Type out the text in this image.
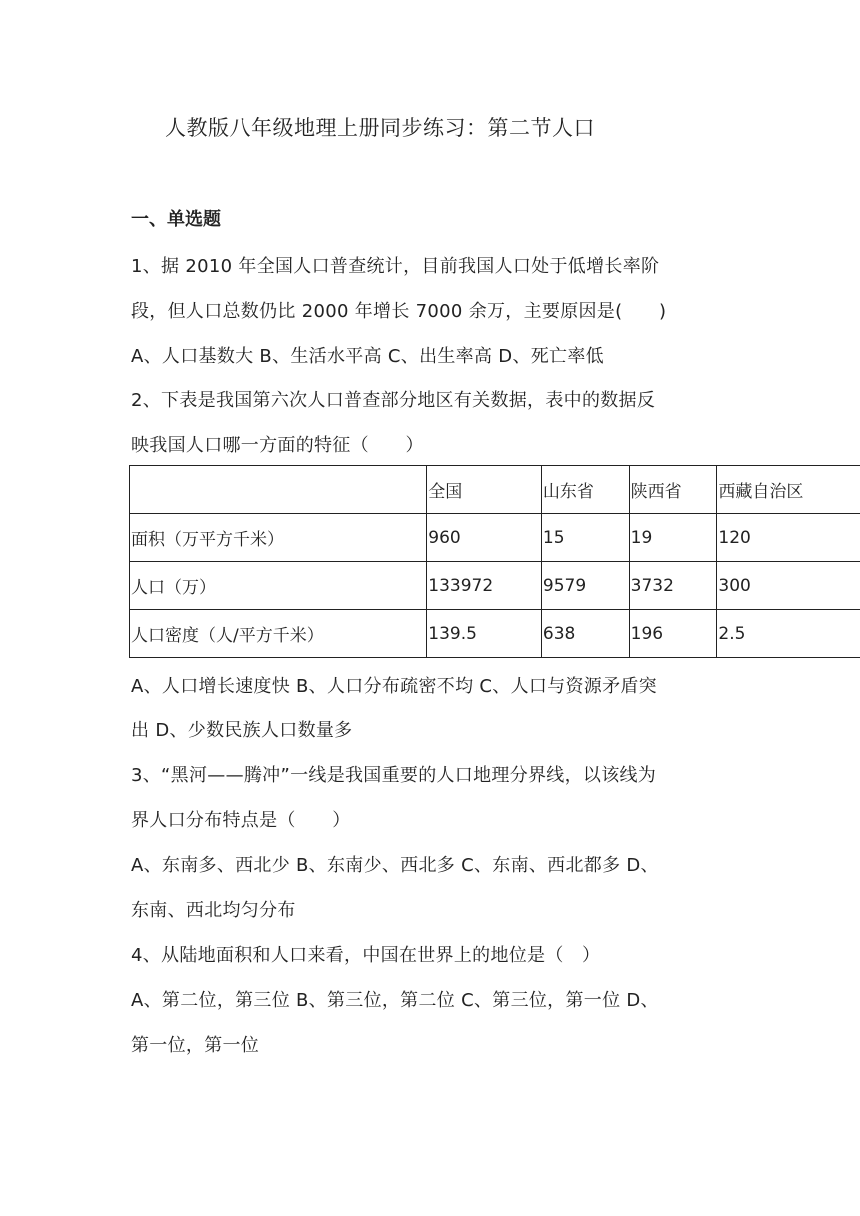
人教版八年级地理上册同步练习：第二节人口
一、单选题
1、据 2010 年全国人口普查统计，目前我国人口处于低增长率阶
段，但人口总数仍比 2000 年增长 7000 余万，主要原因是(　　)
A、人口基数大 B、生活水平高 C、出生率高 D、死亡率低
2、下表是我国第六次人口普查部分地区有关数据，表中的数据反
映我国人口哪一方面的特征（　　）
	全国	山东省	陕西省	西藏自治区
面积（万平方千米）	960	15	19	120
人口（万）	133972	9579	3732	300
人口密度（人/平方千米）	139.5	638	196	2.5
A、人口增长速度快 B、人口分布疏密不均 C、人口与资源矛盾突
出 D、少数民族人口数量多
3、“黑河——腾冲”一线是我国重要的人口地理分界线，以该线为
界人口分布特点是（　　）
A、东南多、西北少 B、东南少、西北多 C、东南、西北都多 D、
东南、西北均匀分布
4、从陆地面积和人口来看，中国在世界上的地位是（　）
A、第二位，第三位 B、第三位，第二位 C、第三位，第一位 D、
第一位，第一位
